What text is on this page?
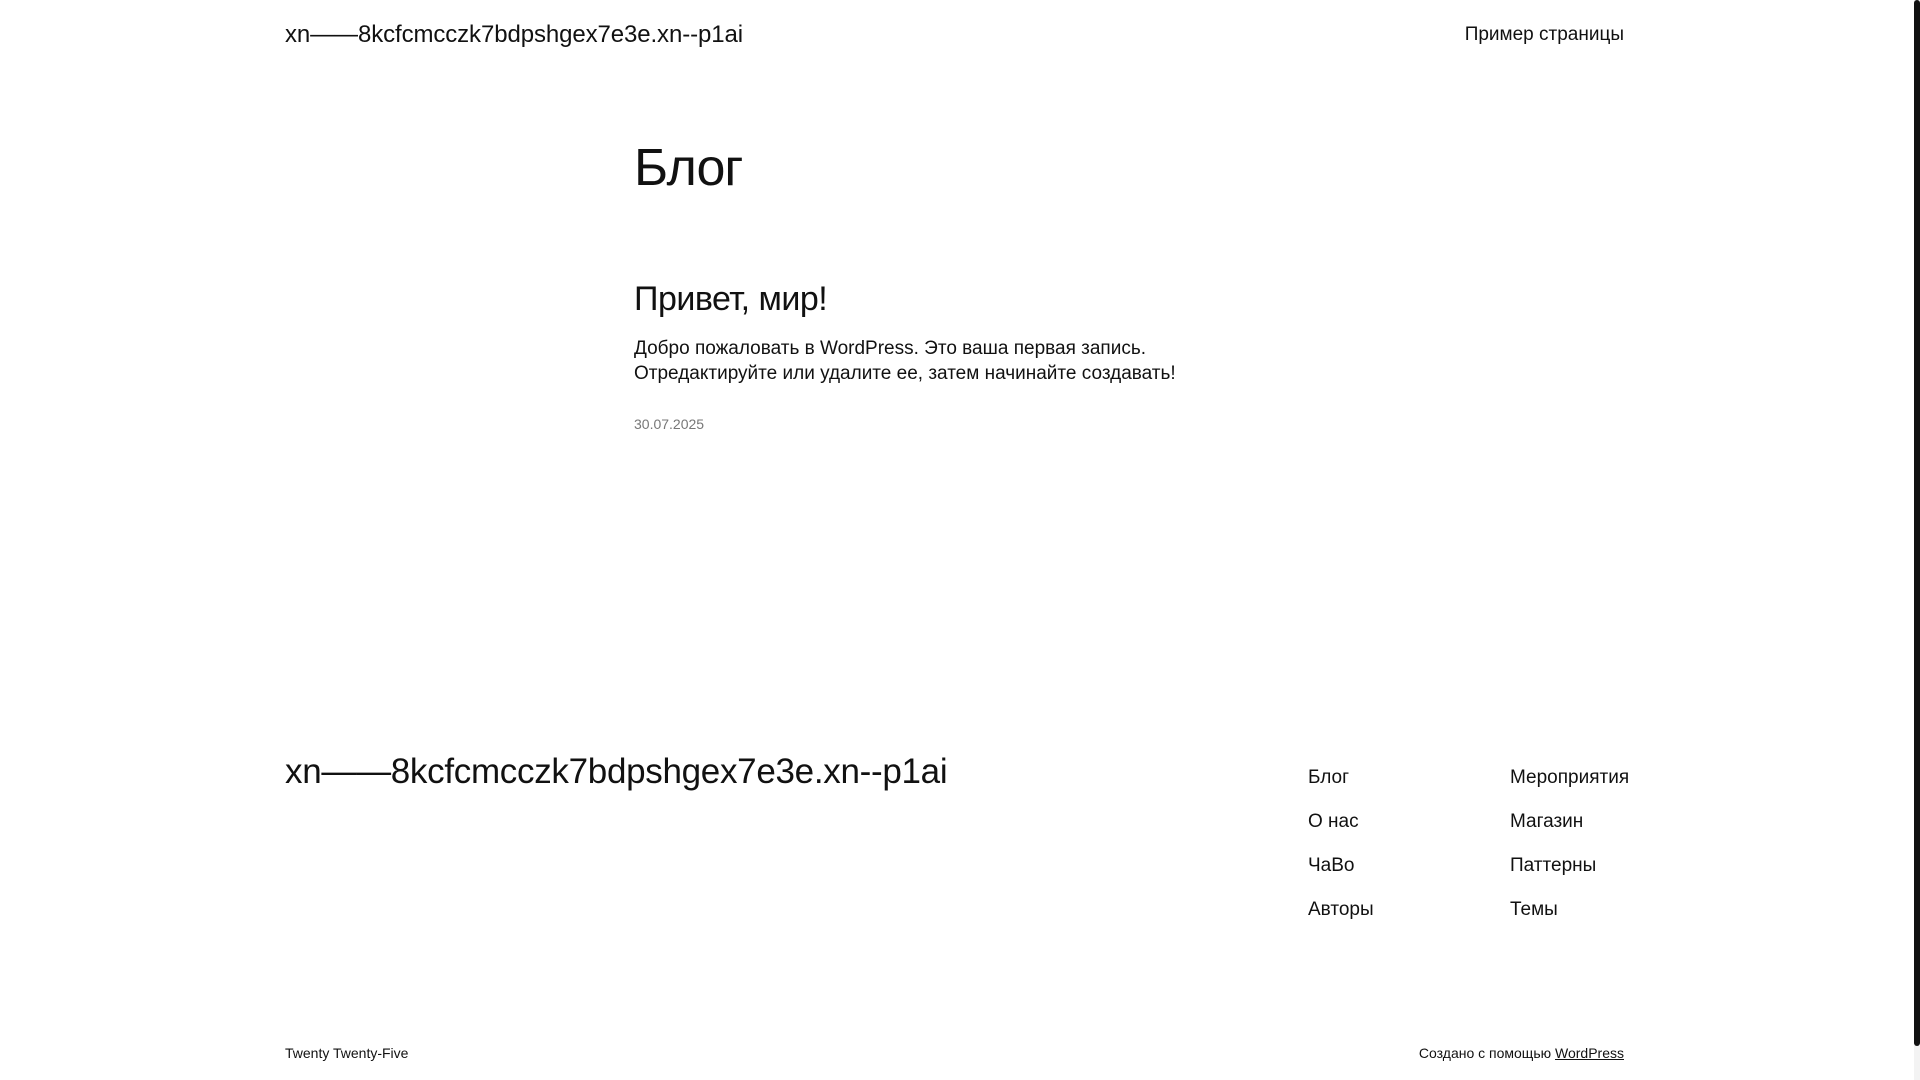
xn——8kcfcmcczk7bdpshgex7e3e.xn--p1ai	Пример страницы
Блог
Привет, мир!

Добро пожаловать в WordPress. Это ваша первая запись. Отредактируйте или удалите ее, затем начинайте создавать!

30.07.2025
xn——8kcfcmcczk7bdpshgex7e3e.xn--p1ai	Блог
О нас
ЧаВо
Авторы
Мероприятия
Магазин
Паттерны
Темы
Twenty Twenty-Five	Создано с помощью WordPress
